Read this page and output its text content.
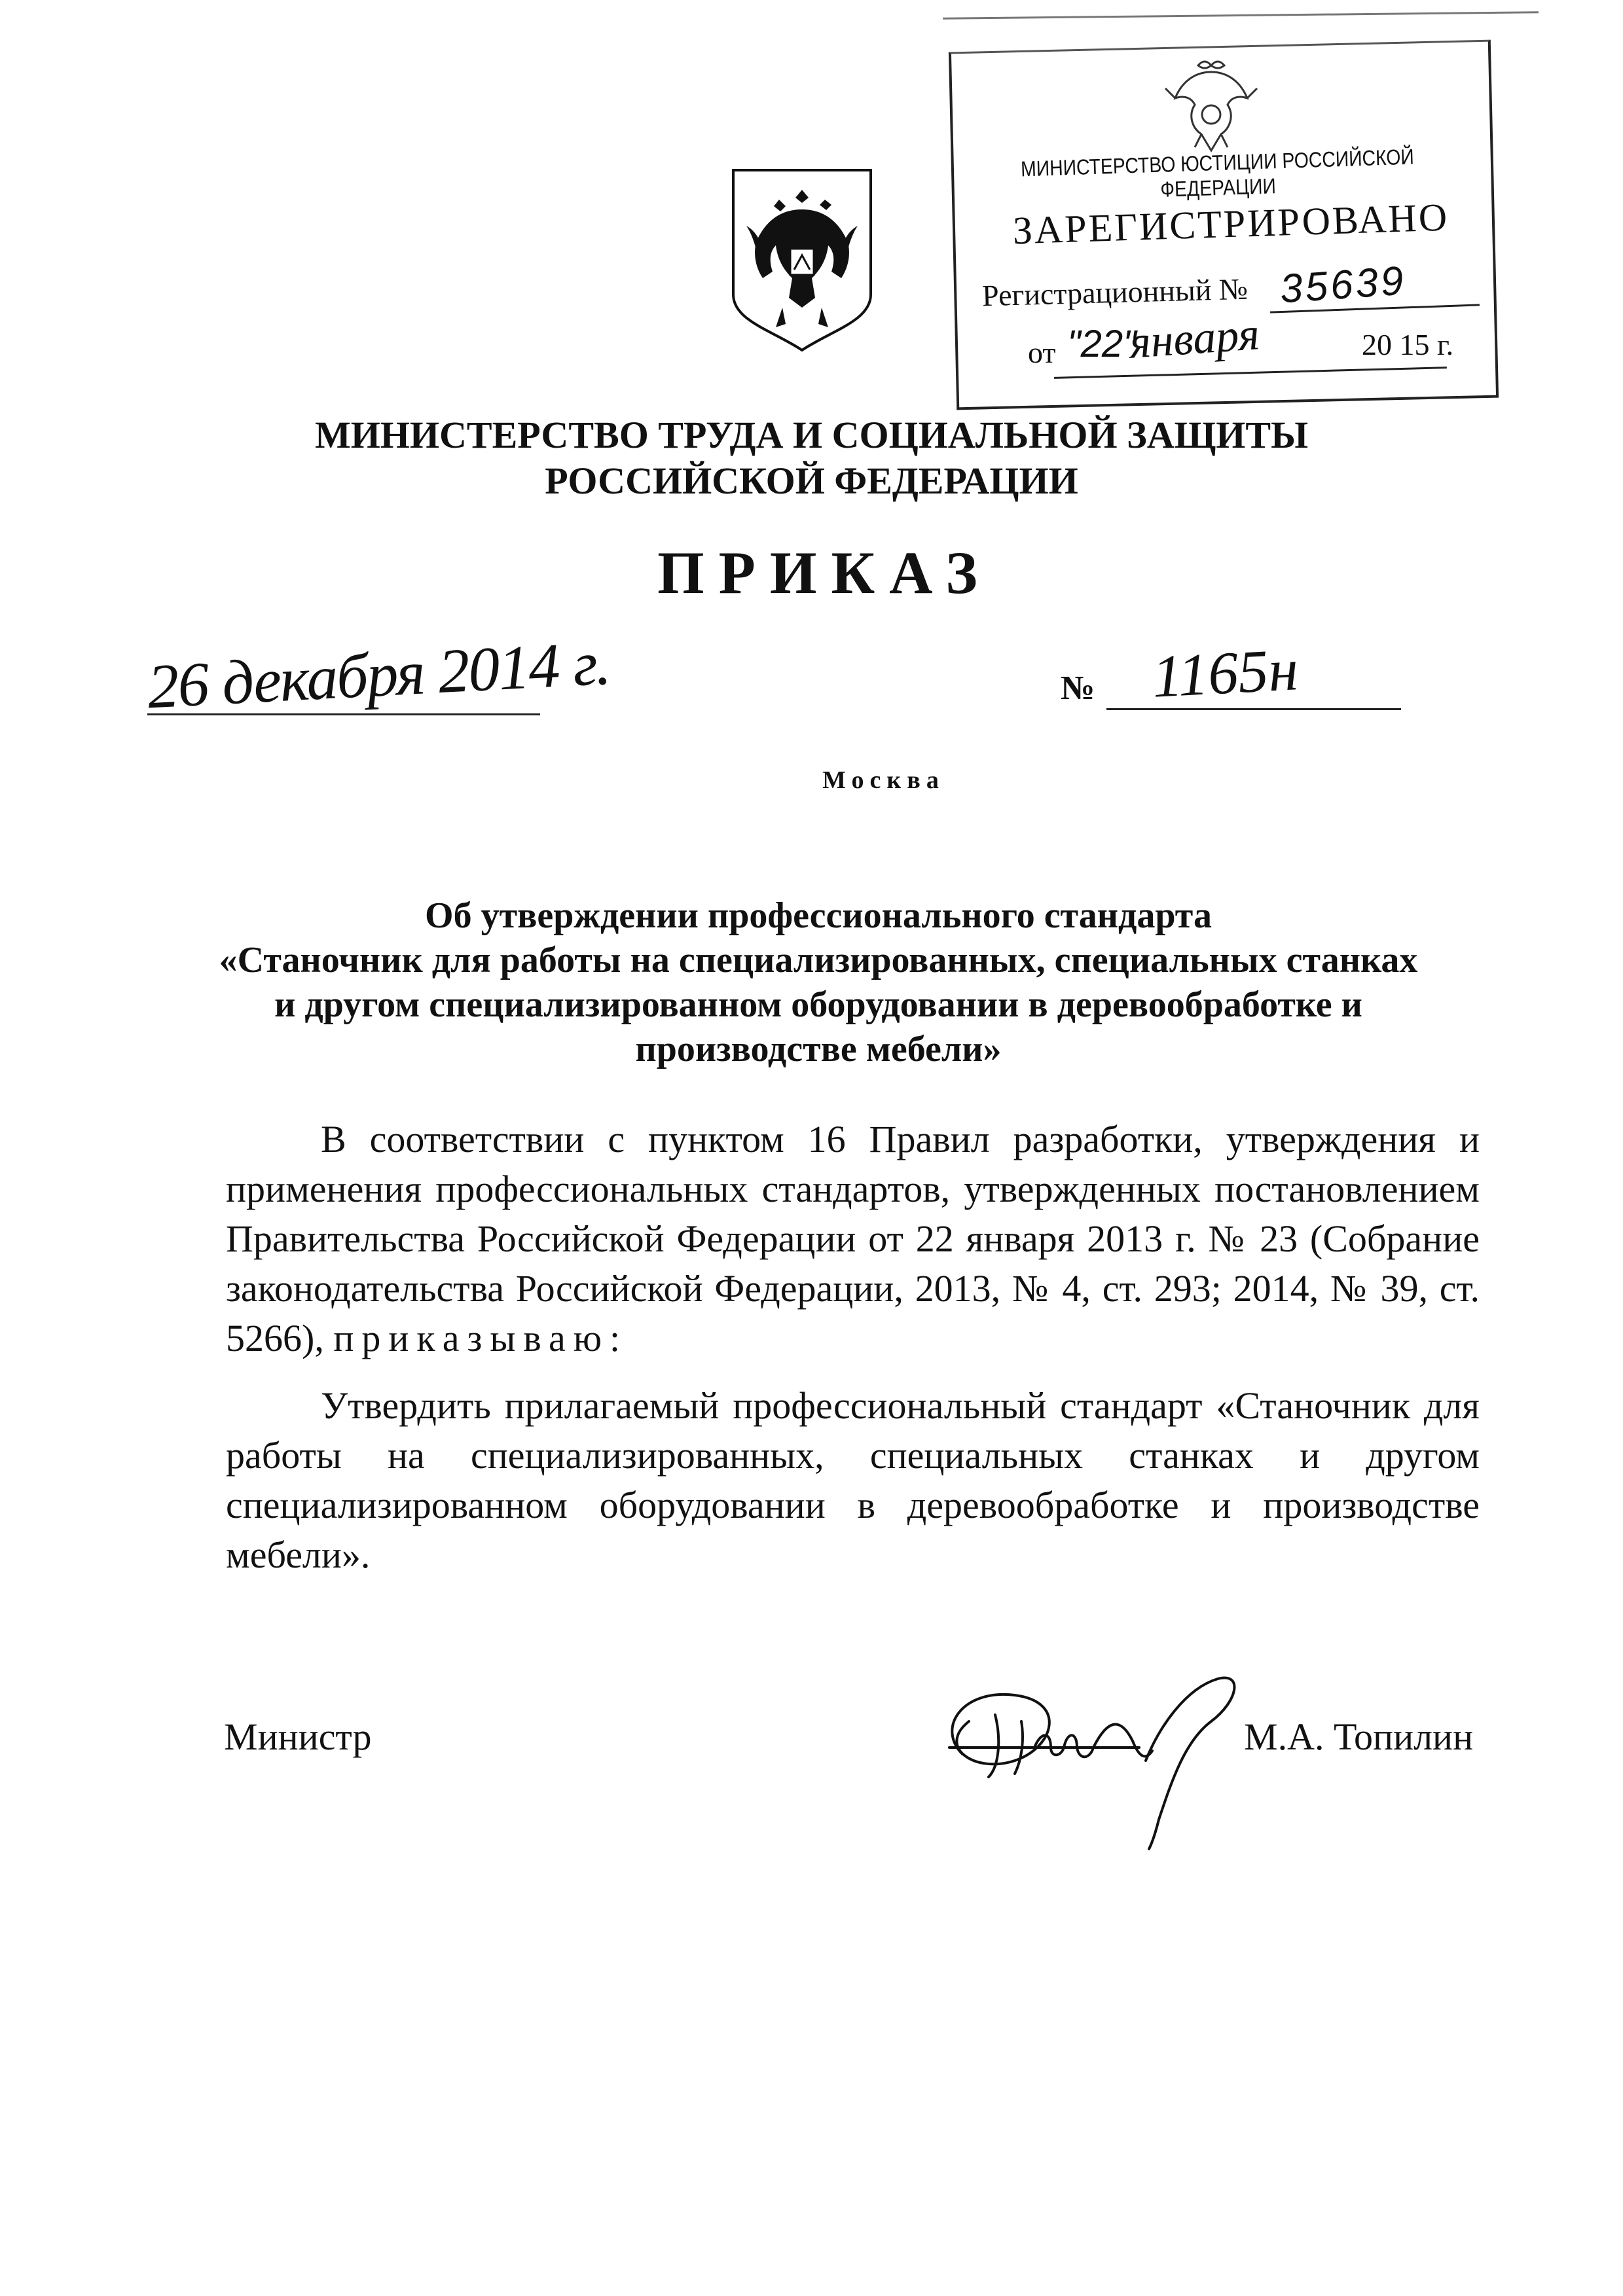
МИНИСТЕРСТВО ЮСТИЦИИ РОССИЙСКОЙ ФЕДЕРАЦИИ
ЗАРЕГИСТРИРОВАНО
Регистрационный № 35639
от "22"
января	20 15 г.
МИНИСТЕРСТВО ТРУДА И СОЦИАЛЬНОЙ ЗАЩИТЫ
РОССИЙСКОЙ ФЕДЕРАЦИИ
ПРИКАЗ
26 декабря 2014 г.	№ 1165н
Москва
Об утверждении профессионального стандарта
«Станочник для работы на специализированных, специальных станках
и другом специализированном оборудовании в деревообработке и
производстве мебели»
В соответствии с пунктом 16 Правил разработки, утверждения и применения профессиональных стандартов, утвержденных постановлением Правительства Российской Федерации от 22 января 2013 г. № 23 (Собрание законодательства Российской Федерации, 2013, № 4, ст. 293; 2014, № 39, ст. 5266), приказываю:
Утвердить прилагаемый профессиональный стандарт «Станочник для работы на специализированных, специальных станках и другом специализированном оборудовании в деревообработке и производстве мебели».
Министр	М.А. Топилин
